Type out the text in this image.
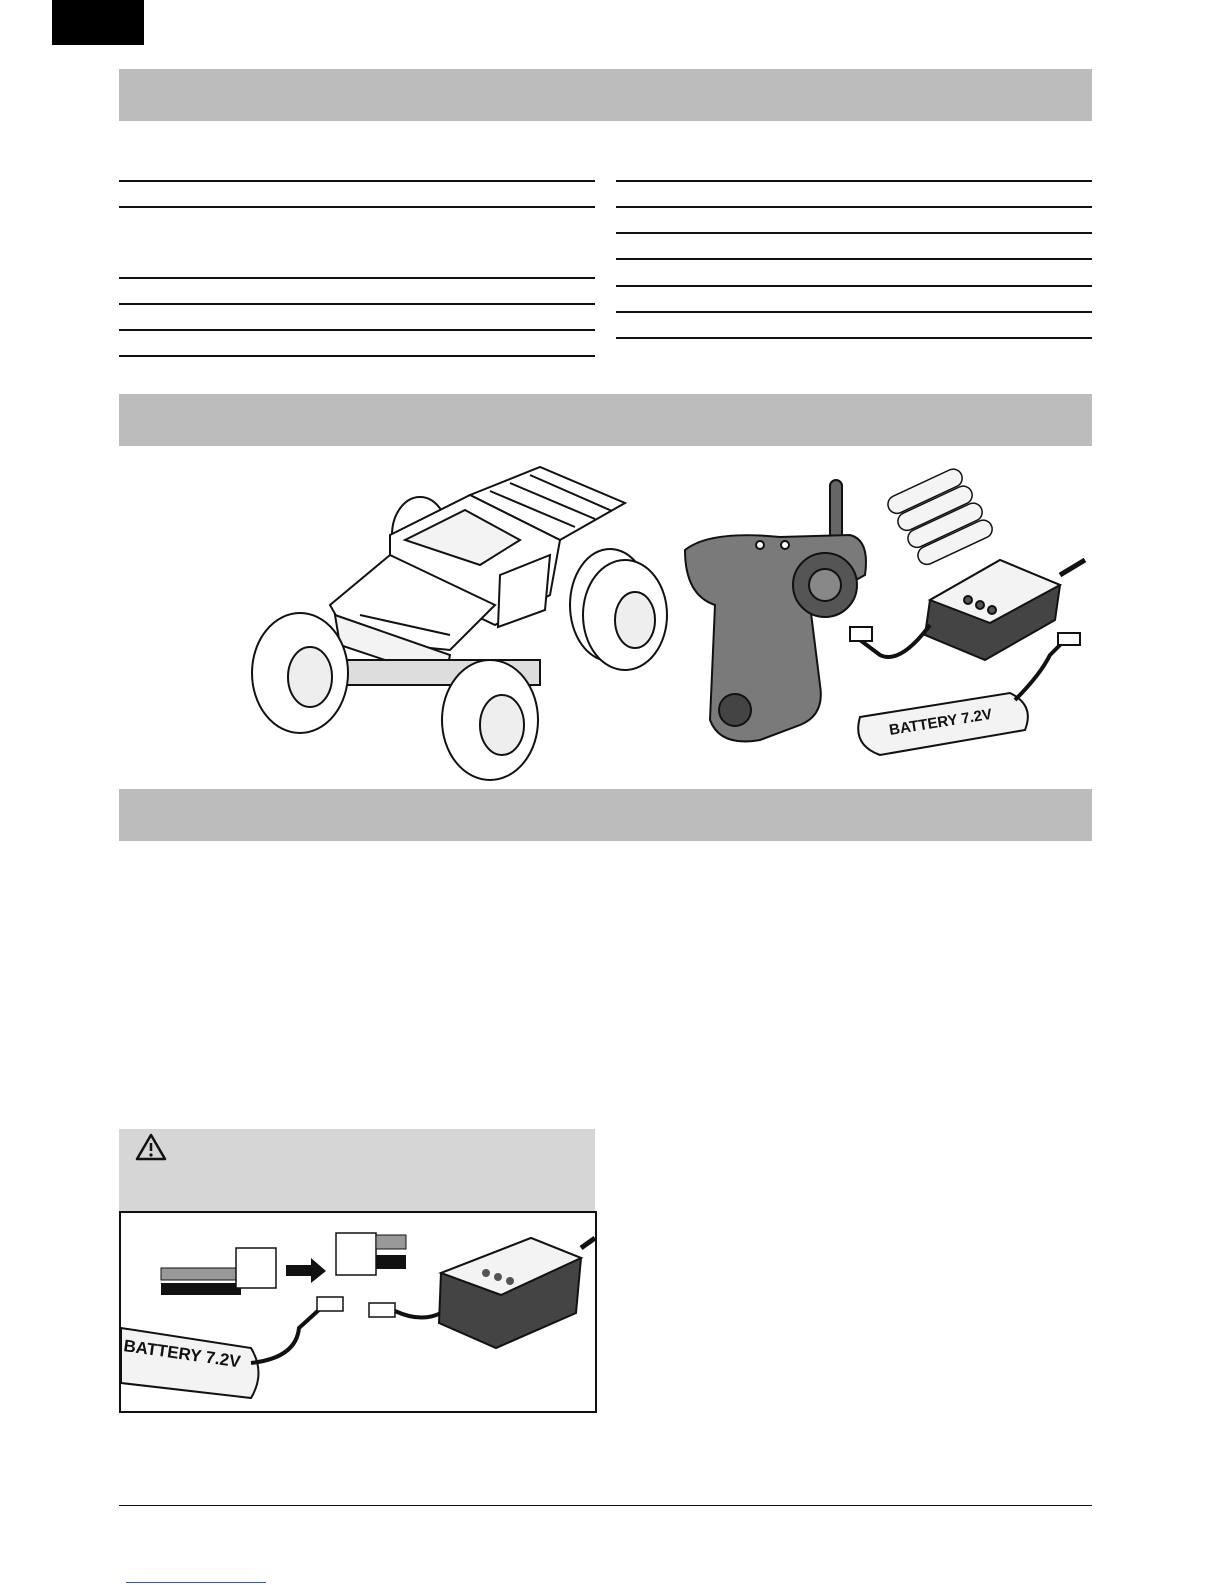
BATTERY 7.2V
BATTERY 7.2V
